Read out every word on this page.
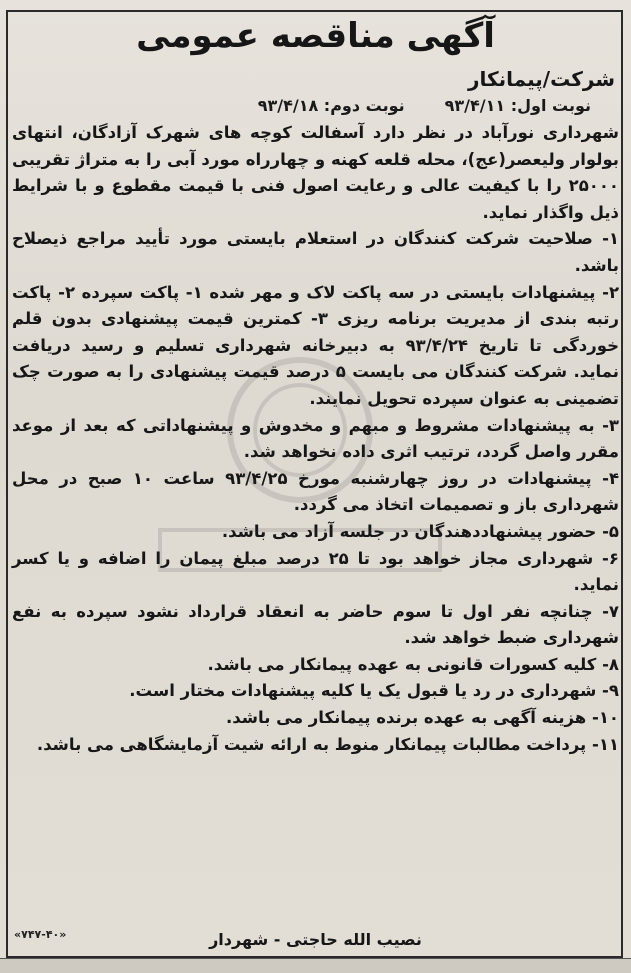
آگهی مناقصه عمومی
شرکت/پیمانکار
نوبت اول: ۹۳/۴/۱۱
نوبت دوم: ۹۳/۴/۱۸

شهرداری نورآباد در نظر دارد آسفالت کوچه های شهرک آزادگان، انتهای بولوار ولیعصر(عج)، محله قلعه کهنه و چهارراه مورد آبی را به متراژ تقریبی ۲۵۰۰۰ را با کیفیت عالی و رعایت اصول فنی با قیمت مقطوع و با شرایط ذیل واگذار نماید.

۱- صلاحیت شرکت کنندگان در استعلام بایستی مورد تأیید مراجع ذیصلاح باشد.

۲- پیشنهادات بایستی در سه پاکت لاک و مهر شده ۱- پاکت سپرده ۲- پاکت رتبه بندی از مدیریت برنامه ریزی ۳- کمترین قیمت پیشنهادی بدون قلم خوردگی تا تاریخ ۹۳/۴/۲۴ به دبیرخانه شهرداری تسلیم و رسید دریافت نماید. شرکت کنندگان می بایست ۵ درصد قیمت پیشنهادی را به صورت چک تضمینی به عنوان سپرده تحویل نمایند.

۳- به پیشنهادات مشروط و مبهم و مخدوش و پیشنهاداتی که بعد از موعد مقرر واصل گردد، ترتیب اثری داده نخواهد شد.

۴- پیشنهادات در روز چهارشنبه مورخ ۹۳/۴/۲۵ ساعت ۱۰ صبح در محل شهرداری باز و تصمیمات اتخاذ می گردد.

۵- حضور پیشنهاددهندگان در جلسه آزاد می باشد.

۶- شهرداری مجاز خواهد بود تا ۲۵ درصد مبلغ پیمان را اضافه و یا کسر نماید.

۷- چنانچه نفر اول تا سوم حاضر به انعقاد قرارداد نشود سپرده به نفع شهرداری ضبط خواهد شد.

۸- کلیه کسورات قانونی به عهده پیمانکار می باشد.

۹- شهرداری در رد یا قبول یک یا کلیه پیشنهادات مختار است.

۱۰- هزینه آگهی به عهده برنده پیمانکار می باشد.

۱۱- پرداخت مطالبات پیمانکار منوط به ارائه شیت آزمایشگاهی می باشد.

«۷۴۷-۴۰»	نصیب الله حاجتی - شهردار
